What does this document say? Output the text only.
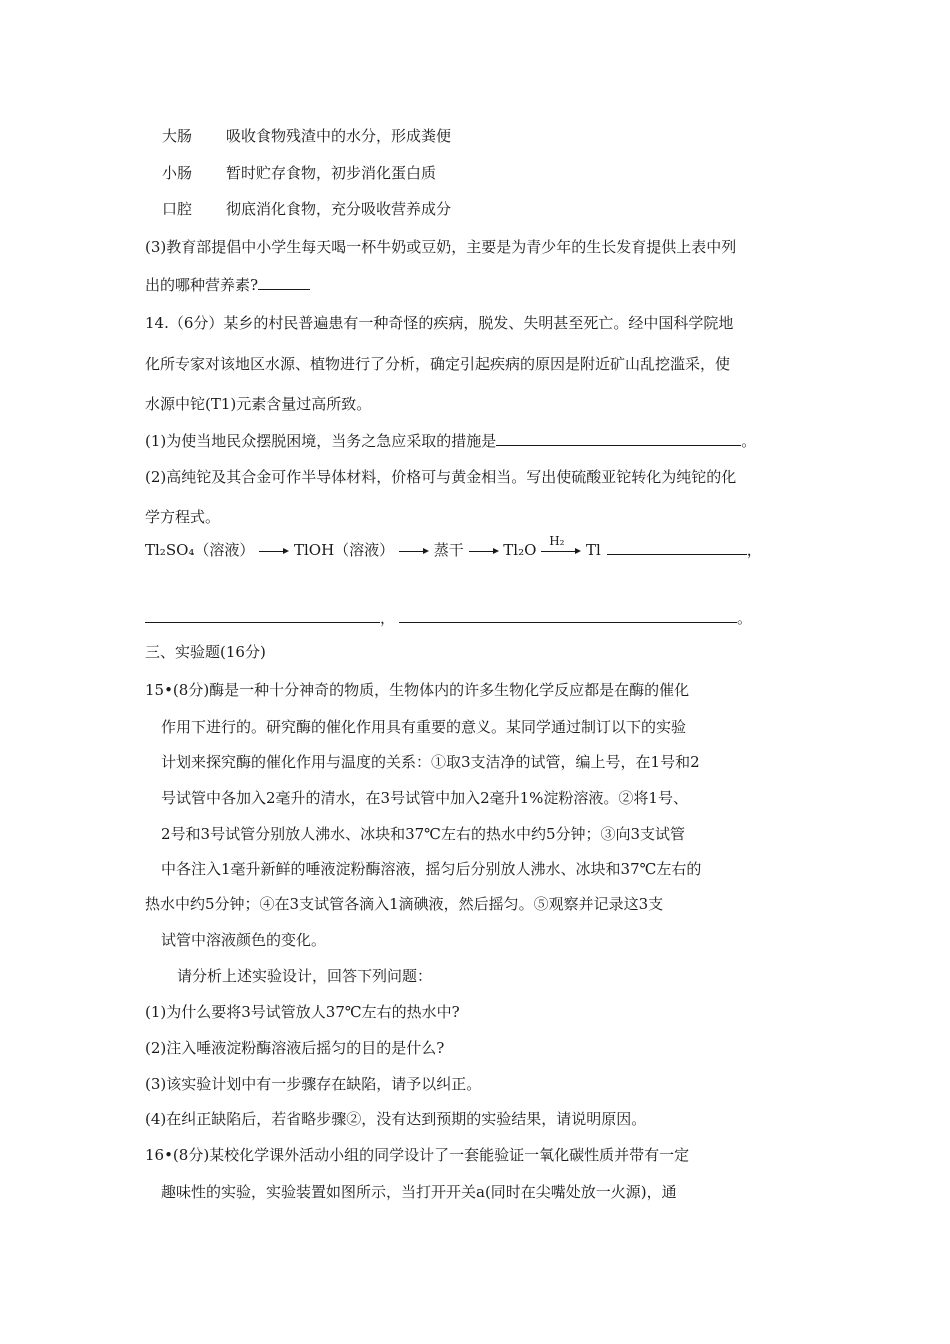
大肠 吸收食物残渣中的水分，形成粪便
小肠 暂时贮存食物，初步消化蛋白质
口腔 彻底消化食物，充分吸收营养成分
(3)教育部提倡中小学生每天喝一杯牛奶或豆奶，主要是为青少年的生长发育提供上表中列
出的哪种营养素?
14.（6分）某乡的村民普遍患有一种奇怪的疾病，脱发、失明甚至死亡。经中国科学院地
化所专家对该地区水源、植物进行了分析，确定引起疾病的原因是附近矿山乱挖滥采，使
水源中铊(T1)元素含量过高所致。
(1)为使当地民众摆脱困境，当务之急应采取的措施是	。
(2)高纯铊及其合金可作半导体材料，价格可与黄金相当。写出使硫酸亚铊转化为纯铊的化
学方程式。
Tl₂SO₄（溶液）	TlOH（溶液）	蒸干	Tl₂O H₂ Tl	，
，	。
三、实验题(16分)
15•(8分)酶是一种十分神奇的物质，生物体内的许多生物化学反应都是在酶的催化
作用下进行的。研究酶的催化作用具有重要的意义。某同学通过制订以下的实验
计划来探究酶的催化作用与温度的关系：①取3支洁净的试管，编上号，在1号和2
号试管中各加入2毫升的清水，在3号试管中加入2毫升1%淀粉溶液。②将1号、
2号和3号试管分别放人沸水、冰块和37℃左右的热水中约5分钟；③向3支试管
中各注入1毫升新鲜的唾液淀粉酶溶液，摇匀后分别放人沸水、冰块和37℃左右的
热水中约5分钟；④在3支试管各滴入1滴碘液，然后摇匀。⑤观察并记录这3支
试管中溶液颜色的变化。
请分析上述实验设计，回答下列问题：
(1)为什么要将3号试管放人37℃左右的热水中?
(2)注入唾液淀粉酶溶液后摇匀的目的是什么?
(3)该实验计划中有一步骤存在缺陷，请予以纠正。
(4)在纠正缺陷后，若省略步骤②，没有达到预期的实验结果，请说明原因。
16•(8分)某校化学课外活动小组的同学设计了一套能验证一氧化碳性质并带有一定
趣味性的实验，实验装置如图所示，当打开开关a(同时在尖嘴处放一火源)，通
